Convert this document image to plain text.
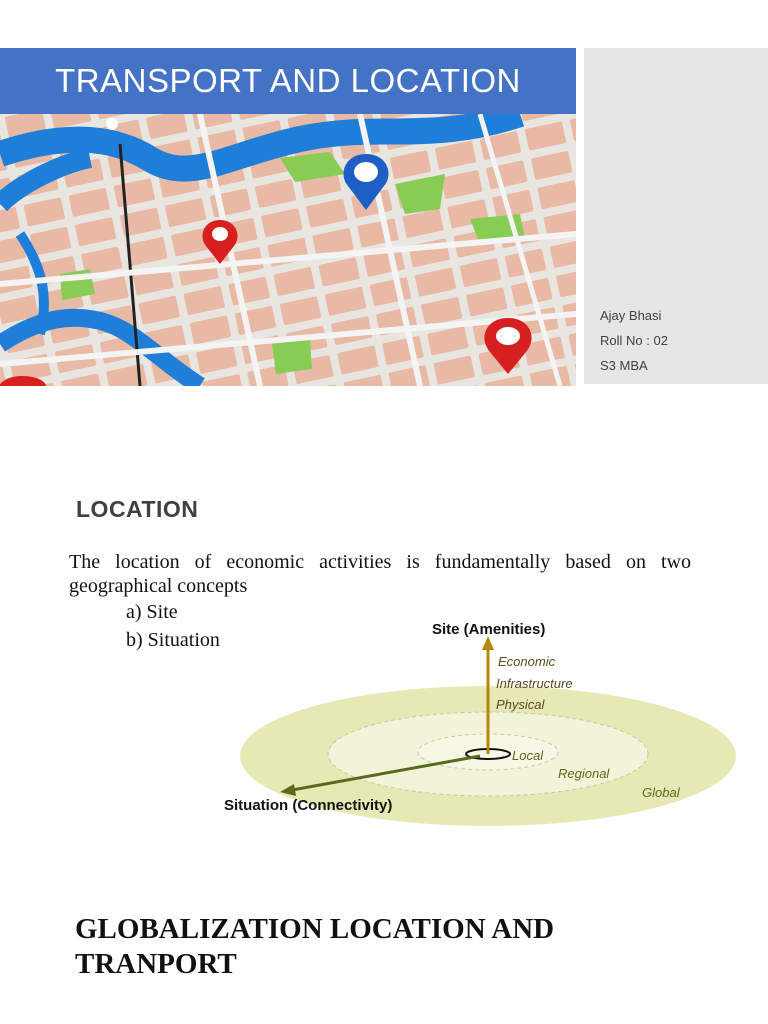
TRANSPORT AND LOCATION
Ajay Bhasi
Roll No : 02
S3 MBA
LOCATION
The location of economic activities is fundamentally based on two geographical concepts
a) Site
b) Situation	Site (Amenities)
Economic
Infrastructure
Physical
Local
Regional
Global
Situation (Connectivity)
GLOBALIZATION LOCATION AND
TRANPORT
